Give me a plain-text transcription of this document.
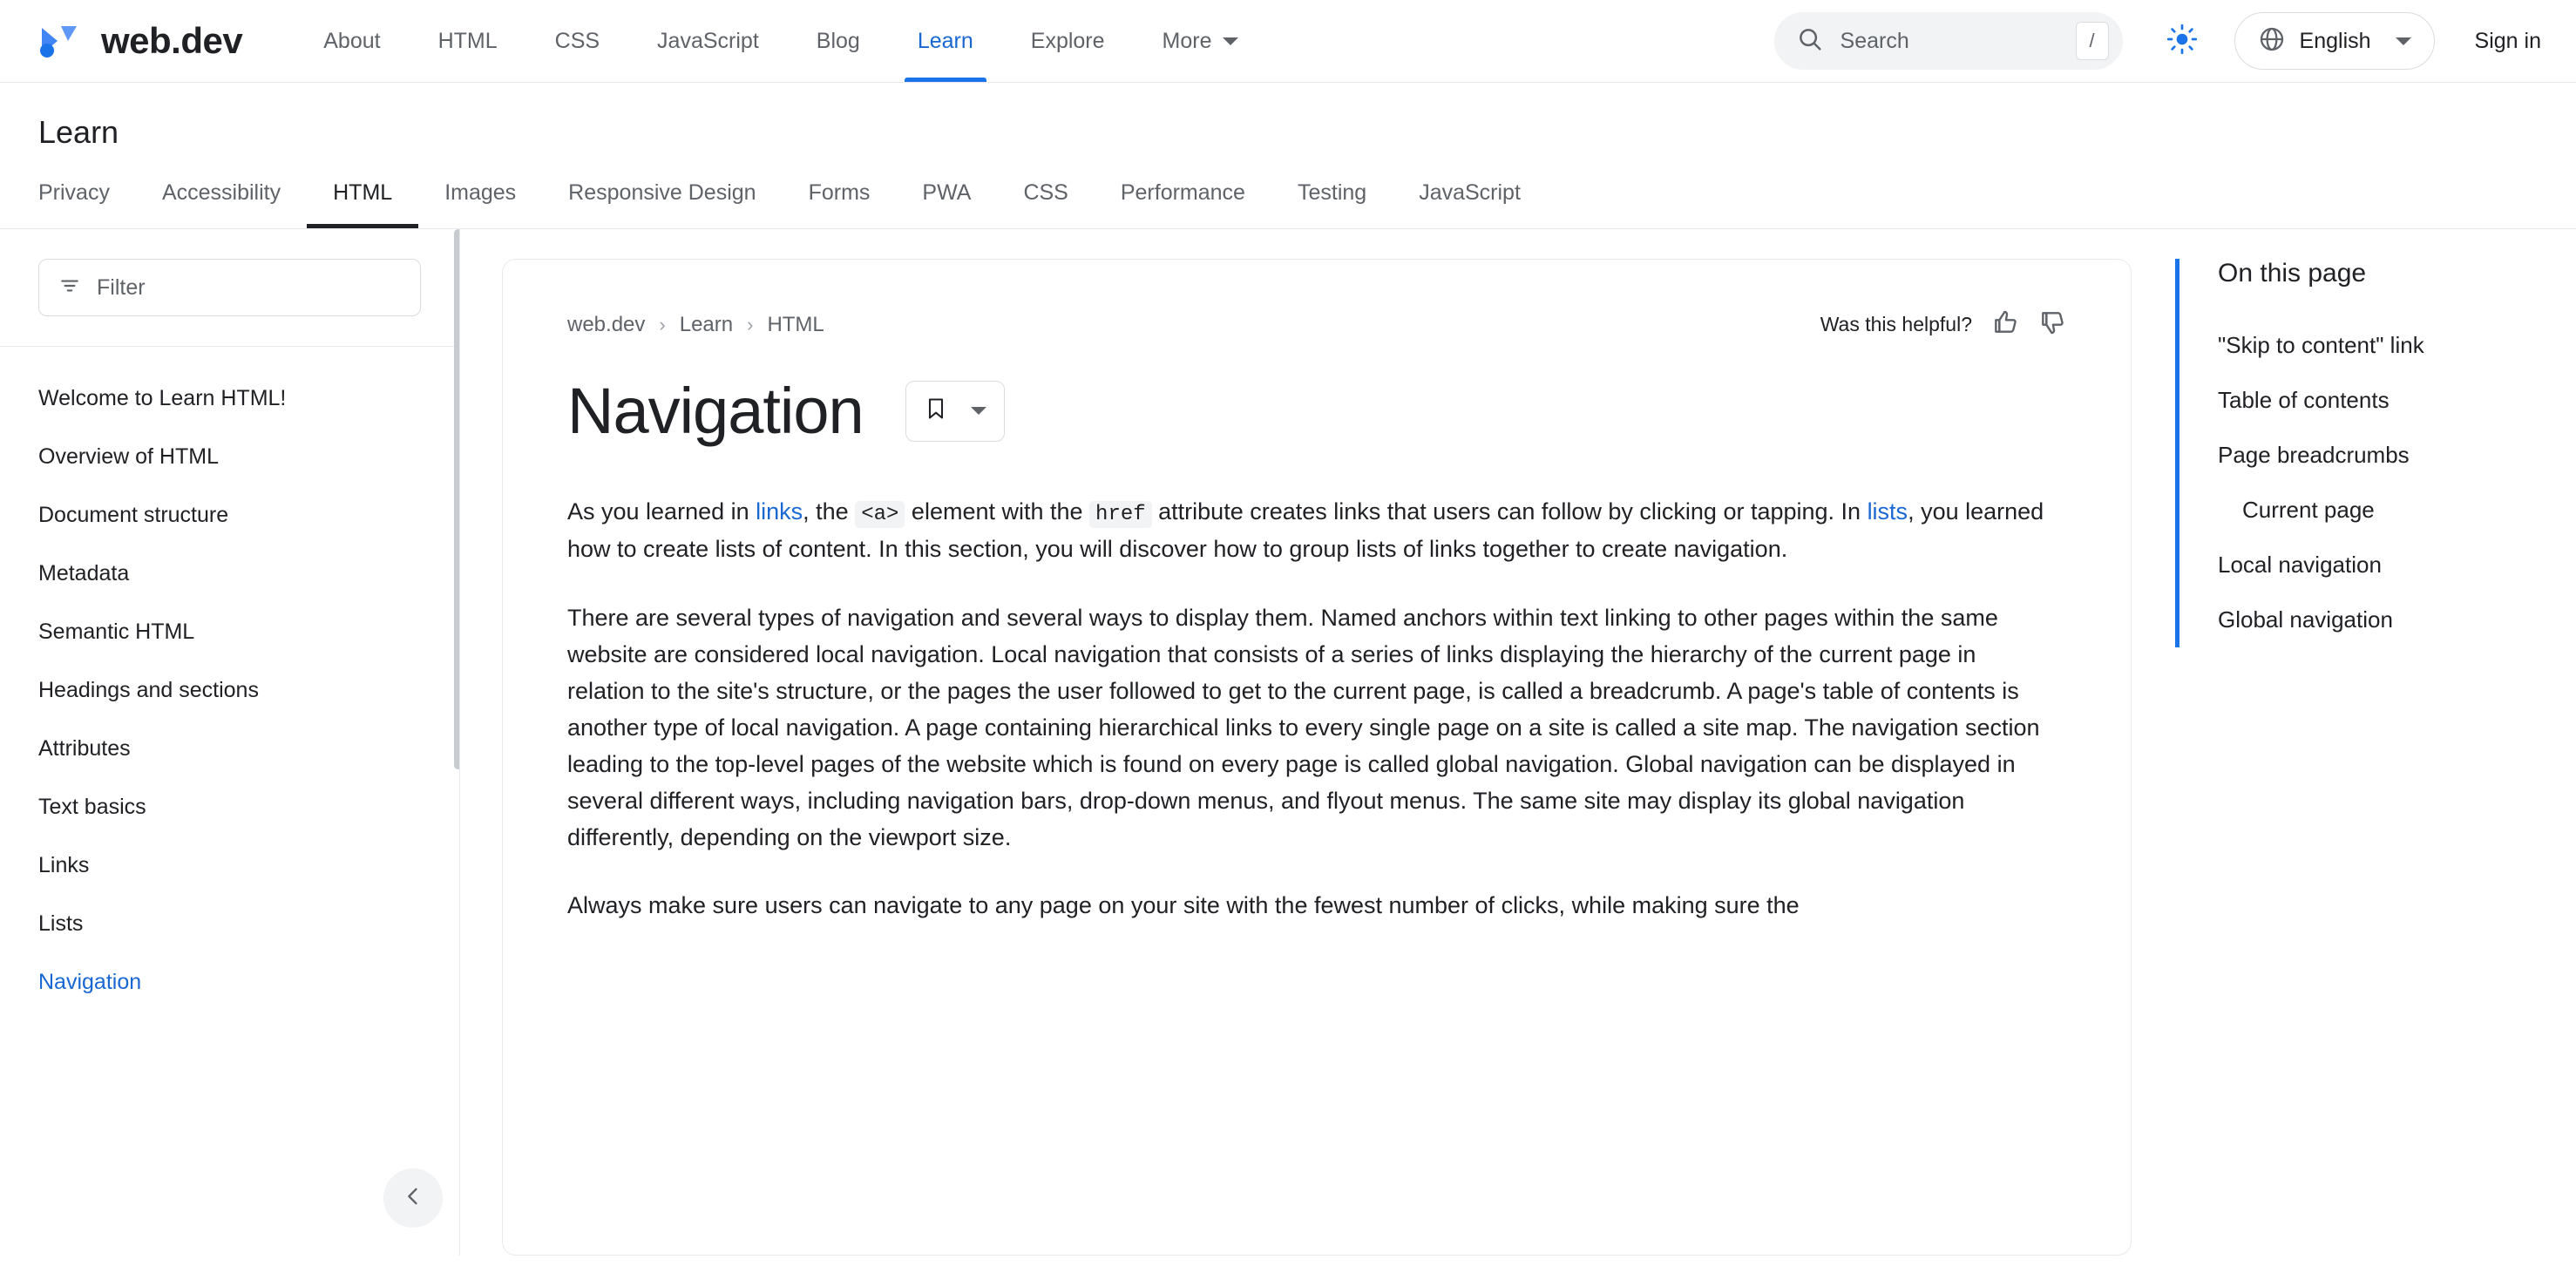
web.dev	About	HTML	CSS	JavaScript	Blog	Learn	Explore	More	Search	/	English	Sign in
Learn
Privacy	Accessibility	HTML	Images	Responsive Design	Forms	PWA	CSS	Performance	Testing	JavaScript
Filter
Welcome to Learn HTML!
Overview of HTML
Document structure
Metadata
Semantic HTML
Headings and sections
Attributes
Text basics
Links
Lists
Navigation
web.dev › Learn › HTML	Was this helpful?
Navigation

As you learned in links, the <a> element with the href attribute creates links that users can follow by clicking or tapping. In lists, you learned how to create lists of content. In this section, you will discover how to group lists of links together to create navigation.

There are several types of navigation and several ways to display them. Named anchors within text linking to other pages within the same website are considered local navigation. Local navigation that consists of a series of links displaying the hierarchy of the current page in relation to the site's structure, or the pages the user followed to get to the current page, is called a breadcrumb. A page's table of contents is another type of local navigation. A page containing hierarchical links to every single page on a site is called a site map. The navigation section leading to the top-level pages of the website which is found on every page is called global navigation. Global navigation can be displayed in several different ways, including navigation bars, drop-down menus, and flyout menus. The same site may display its global navigation differently, depending on the viewport size.

Always make sure users can navigate to any page on your site with the fewest number of clicks, while making sure the

On this page
"Skip to content" link
Table of contents
Page breadcrumbs
Current page
Local navigation
Global navigation
